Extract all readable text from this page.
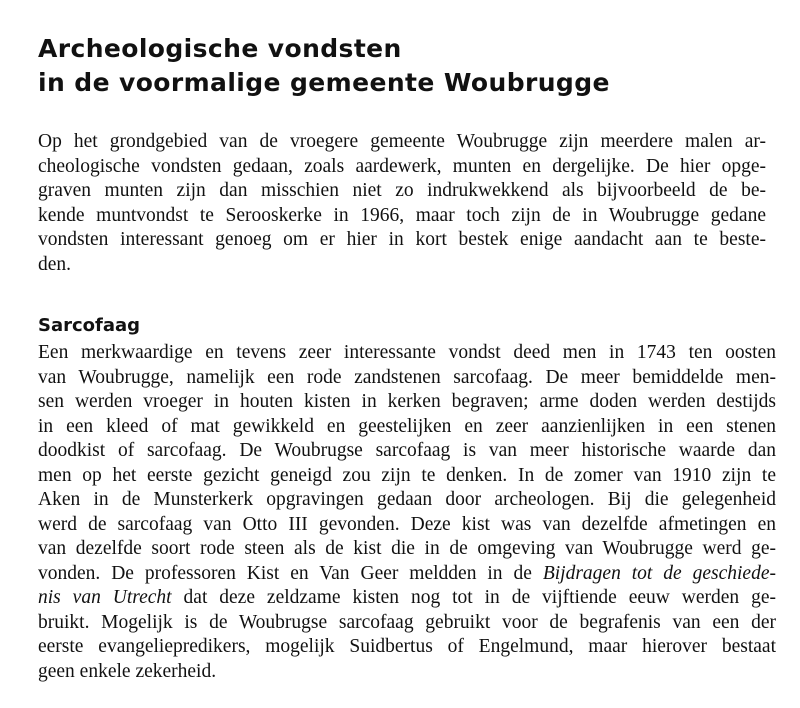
Archeologische vondsten
in de voormalige gemeente Woubrugge
Op het grondgebied van de vroegere gemeente Woubrugge zijn meerdere malen ar-
cheologische vondsten gedaan, zoals aardewerk, munten en dergelijke. De hier opge-
graven munten zijn dan misschien niet zo indrukwekkend als bijvoorbeeld de be-
kende muntvondst te Serooskerke in 1966, maar toch zijn de in Woubrugge gedane
vondsten interessant genoeg om er hier in kort bestek enige aandacht aan te beste-
den.
Sarcofaag
Een merkwaardige en tevens zeer interessante vondst deed men in 1743 ten oosten
van Woubrugge, namelijk een rode zandstenen sarcofaag. De meer bemiddelde men-
sen werden vroeger in houten kisten in kerken begraven; arme doden werden destijds
in een kleed of mat gewikkeld en geestelijken en zeer aanzienlijken in een stenen
doodkist of sarcofaag. De Woubrugse sarcofaag is van meer historische waarde dan
men op het eerste gezicht geneigd zou zijn te denken. In de zomer van 1910 zijn te
Aken in de Munsterkerk opgravingen gedaan door archeologen. Bij die gelegenheid
werd de sarcofaag van Otto III gevonden. Deze kist was van dezelfde afmetingen en
van dezelfde soort rode steen als de kist die in de omgeving van Woubrugge werd ge-
vonden. De professoren Kist en Van Geer meldden in de Bijdragen tot de geschiede-
nis van Utrecht dat deze zeldzame kisten nog tot in de vijftiende eeuw werden ge-
bruikt. Mogelijk is de Woubrugse sarcofaag gebruikt voor de begrafenis van een der
eerste evangeliepredikers, mogelijk Suidbertus of Engelmund, maar hierover bestaat
geen enkele zekerheid.
